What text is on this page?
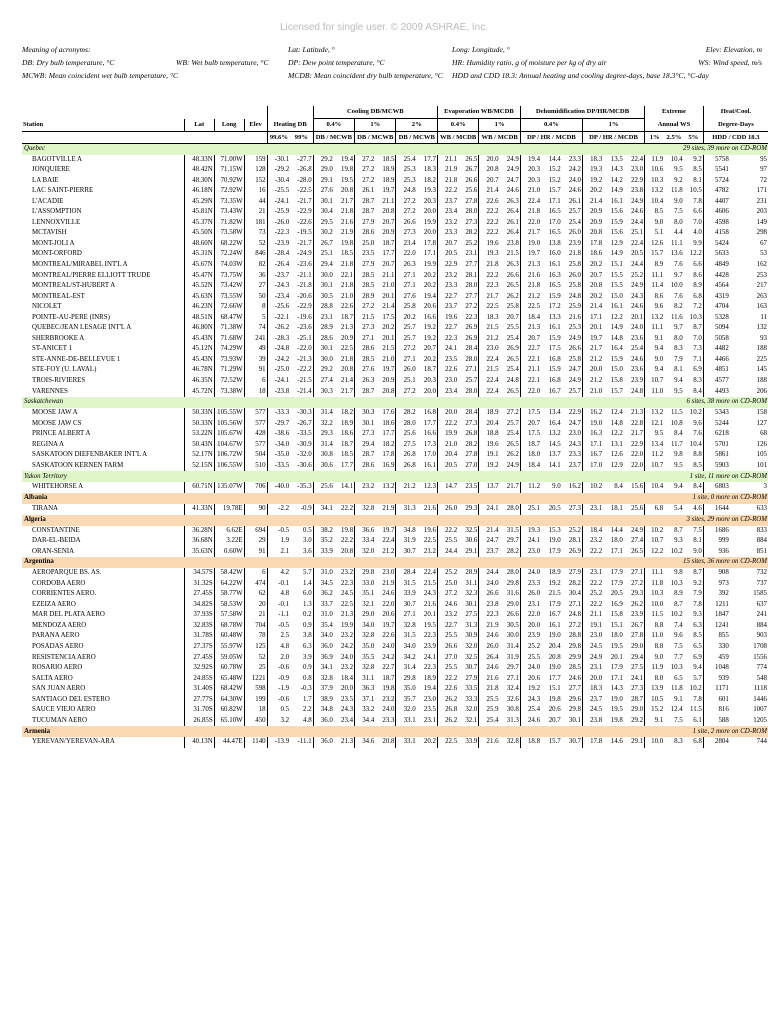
Licensed for single user. © 2009 ASHRAE, Inc.
Meaning of acronyms:
DB: Dry bulb temperature, °C	WB: Wet bulb temperature, °C
MCWB: Mean coincident wet bulb temperature, °C
Lat: Latitude, °
DP: Dew point temperature, °C
MCDB: Mean coincident dry bulb temperature, °C
Long: Longitude, °
HR: Humidity ratio, g of moisture per kg of dry air
HDD and CDD 18.3: Annual heating and cooling degree-days, base 18.3°C, °C-day
Elev: Elevation, m
WS: Wind speed, m/s
						Cooling DB/MCWB						Evaporation WB/MCDB				Dehumidification DP/HR/MCDB						Extreme			Heat/Cool.	
Station	Lat	Long	Elev	Heating DB		0.4%		1%		2%		0.4%		1%		0.4%			1%			Annual WS			Degree-Days	
				99.6%	99%	DB / MCWB		DB / MCWB		DB / MCWB		WB / MCDB		WB / MCDB		DP / HR / MCDB			DP / HR / MCDB			1%	2.5%	5%	HDD / CDD 18.3	
Quebec				29 sites, 39 more on CD-ROM																						
BAGOTVILLE A	48.33N	71.00W	159	-30.1	-27.7	29.2	19.4	27.2	18.5	25.4	17.7	21.1	26.5	20.0	24.9	19.4	14.4	23.3	18.3	13.5	22.4	11.9	10.4	9.2	5758	95
JONQUIERE	48.42N	71.15W	128	-29.2	-26.8	29.0	19.8	27.2	18.9	25.3	18.3	21.9	26.7	20.8	24.9	20.3	15.2	24.2	19.3	14.3	23.0	10.6	9.5	8.5	5541	97
LA BAIE	48.30N	70.92W	152	-30.4	-28.0	29.1	19.5	27.2	18.9	25.3	18.2	21.8	26.6	20.7	24.7	20.3	15.2	24.0	19.2	14.2	22.9	10.3	9.2	8.1	5724	72
LAC SAINT-PIERRE	46.18N	72.92W	16	-25.5	-22.5	27.6	20.8	26.1	19.7	24.8	19.3	22.2	25.6	21.4	24.6	21.0	15.7	24.6	20.2	14.9	23.8	13.2	11.8	10.5	4782	171
L'ACADIE	45.29N	73.35W	44	-24.1	-21.7	30.1	21.7	28.7	21.1	27.2	20.3	23.7	27.8	22.6	26.3	22.4	17.1	26.1	21.4	16.1	24.9	10.4	9.0	7.8	4407	231
L'ASSOMPTION	45.81N	73.43W	21	-25.9	-22.9	30.4	21.8	28.7	20.8	27.2	20.0	23.4	28.0	22.2	26.4	21.8	16.5	25.7	20.9	15.6	24.6	8.5	7.5	6.6	4606	203
LENNOXVILLE	45.37N	71.82W	181	-26.0	-22.6	29.5	21.6	27.9	20.7	26.6	19.9	23.2	27.3	22.2	26.1	22.0	17.0	25.4	20.9	15.9	24.4	9.0	8.0	7.0	4598	149
MCTAVISH	45.50N	73.58W	73	-22.3	-19.5	30.2	21.9	28.6	20.9	27.3	20.0	23.3	28.2	22.2	26.4	21.7	16.5	26.0	20.8	15.6	25.1	5.1	4.4	4.0	4158	298
MONT-JOLI A	48.60N	68.22W	52	-23.9	-21.7	26.7	19.8	25.0	18.7	23.4	17.8	20.7	25.2	19.6	23.8	19.0	13.8	23.9	17.8	12.9	22.4	12.6	11.1	9.9	5424	67
MONT-ORFORD	45.31N	72.24W	846	-28.4	-24.9	25.1	18.5	23.5	17.7	22.0	17.1	20.5	23.1	19.3	21.5	19.7	16.0	21.8	18.6	14.9	20.5	15.7	13.6	12.2	5633	53
MONTREAL/MIRABEL INT'L A	45.67N	74.03W	82	-26.4	-23.6	29.4	21.8	27.9	20.7	26.3	19.9	22.9	27.7	21.8	26.3	21.3	16.1	25.8	20.2	15.1	24.4	8.9	7.6	6.6	4849	162
MONTREAL/PIERRE ELLIOTT TRUDE	45.47N	73.75W	36	-23.7	-21.1	30.0	22.1	28.5	21.1	27.1	20.2	23.2	28.1	22.2	26.6	21.6	16.3	26.0	20.7	15.5	25.2	11.1	9.7	8.6	4428	253
MONTREAL/ST-HUBERT A	45.52N	73.42W	27	-24.3	-21.8	30.1	21.8	28.5	21.0	27.1	20.2	23.3	28.0	22.3	26.5	21.8	16.5	25.8	20.8	15.5	24.9	11.4	10.0	8.9	4564	217
MONTREAL-EST	45.63N	73.55W	50	-23.4	-20.6	30.5	21.0	28.9	20.1	27.6	19.4	22.7	27.7	21.7	26.2	21.2	15.9	24.8	20.2	15.0	24.3	8.6	7.6	6.8	4319	263
NICOLET	46.23N	72.66W	8	-25.6	-22.9	28.8	22.6	27.2	21.4	25.8	20.6	23.7	27.2	22.5	25.8	22.5	17.2	25.9	21.4	16.1	24.6	9.6	8.2	7.2	4704	163
POINTE-AU-PERE (INRS)	48.51N	68.47W	5	-22.1	-19.6	23.1	18.7	21.5	17.5	20.2	16.6	19.6	22.3	18.3	20.7	18.4	13.3	21.6	17.1	12.2	20.1	13.2	11.6	10.3	5328	11
QUEBEC/JEAN LESAGE INT'L A	46.80N	71.38W	74	-26.2	-23.6	28.9	21.3	27.3	20.2	25.7	19.2	22.7	26.9	21.5	25.5	21.3	16.1	25.3	20.1	14.9	24.0	11.1	9.7	8.7	5094	132
SHERBROOKE A	45.43N	71.68W	241	-28.3	-25.1	28.6	20.9	27.1	20.1	25.7	19.2	22.3	26.9	21.2	25.4	20.7	15.9	24.9	19.7	14.8	23.6	9.1	8.0	7.0	5058	93
ST-ANICET 1	45.12N	74.29W	49	-24.8	-22.0	30.1	22.5	28.6	21.5	27.2	20.7	24.1	28.4	23.0	26.9	22.7	17.5	26.6	21.7	16.4	25.4	9.4	8.3	7.3	4482	188
STE-ANNE-DE-BELLEVUE 1	45.43N	73.93W	39	-24.2	-21.3	30.0	21.8	28.5	21.0	27.1	20.2	23.5	28.0	22.4	26.5	22.1	16.8	25.8	21.2	15.9	24.6	9.0	7.9	7.1	4466	225
STE-FOY (U. LAVAL)	46.78N	71.29W	91	-25.0	-22.2	29.2	20.8	27.6	19.7	26.0	18.7	22.6	27.1	21.5	25.4	21.1	15.9	24.7	20.0	15.0	23.6	9.4	8.1	6.9	4851	145
TROIS-RIVIERES	46.35N	72.52W	6	-24.1	-21.5	27.4	21.4	26.3	20.9	25.1	20.3	23.0	25.7	22.4	24.8	22.1	16.8	24.9	21.2	15.8	23.9	10.7	9.4	8.3	4577	188
VARENNES	45.72N	73.38W	18	-23.8	-21.4	30.3	21.7	28.7	20.8	27.2	20.0	23.4	28.0	22.4	26.5	22.0	16.7	25.7	21.0	15.7	24.8	11.0	9.5	8.4	4493	206
Saskatchewan				6 sites, 38 more on CD-ROM																						
MOOSE JAW A	50.33N	105.55W	577	-33.3	-30.3	31.4	18.2	30.3	17.6	28.2	16.8	20.0	28.4	18.9	27.2	17.5	13.4	22.9	16.2	12.4	21.3	13.2	11.5	10.2	5343	158
MOOSE JAW CS	50.33N	105.56W	577	-29.7	-26.7	32.2	18.9	30.1	18.6	28.0	17.7	22.2	27.3	20.4	25.7	20.7	16.4	24.7	19.0	14.8	22.8	12.1	10.8	9.6	5244	127
PRINCE ALBERT A	53.22N	105.67W	428	-38.6	-33.5	29.3	18.6	27.3	17.7	25.6	16.6	19.9	26.8	18.8	25.4	17.5	13.2	23.0	16.3	12.2	21.7	9.5	8.4	7.6	6218	68
REGINA A	50.43N	104.67W	577	-34.0	-30.9	31.4	18.7	29.4	18.2	27.5	17.3	21.0	28.2	19.6	26.5	18.7	14.5	24.3	17.1	13.1	22.9	13.4	11.7	10.4	5701	126
SASKATOON DIEFENBAKER INT'L A	52.17N	106.72W	504	-35.0	-32.0	30.8	18.5	28.7	17.8	26.8	17.0	20.4	27.8	19.1	26.2	18.0	13.7	23.3	16.7	12.6	22.0	11.2	9.8	8.8	5861	105
SASKATOON KERNEN FARM	52.15N	106.55W	510	-33.5	-30.6	30.6	17.7	28.6	16.9	26.8	16.1	20.5	27.0	19.2	24.9	18.4	14.1	23.7	17.0	12.9	22.0	10.7	9.5	8.5	5903	101
Yukon Territory				1 site, 11 more on CD-ROM																						
WHITEHORSE A	60.71N	135.07W	706	-40.0	-35.3	25.6	14.1	23.2	13.2	21.2	12.3	14.7	23.5	13.7	21.7	11.2	9.0	16.2	10.2	8.4	15.6	10.4	9.4	8.4	6803	3
Albania				1 site, 0 more on CD-ROM																						
TIRANA	41.33N	19.78E	90	-2.2	-0.9	34.1	22.2	32.8	21.9	31.3	21.6	26.0	29.3	24.1	28.0	25.1	20.5	27.3	23.1	18.1	25.6	6.8	5.4	4.6	1644	633
Algeria				3 sites, 29 more on CD-ROM																						
CONSTANTINE	36.28N	6.62E	694	-0.5	0.5	38.2	19.8	36.6	19.7	34.8	19.6	22.2	32.5	21.4	31.5	19.3	15.3	25.2	18.4	14.4	24.9	10.2	8.7	7.5	1686	833
DAR-EL-BEIDA	36.68N	3.22E	29	1.9	3.0	35.2	22.2	33.4	22.4	31.9	22.5	25.5	30.6	24.7	29.7	24.1	19.0	28.1	23.2	18.0	27.4	10.7	9.3	8.1	999	884
ORAN-SENIA	35.63N	0.60W	91	2.1	3.6	33.9	20.8	32.0	21.2	30.7	21.2	24.4	29.1	23.7	28.2	23.0	17.9	26.9	22.2	17.1	26.5	12.2	10.2	9.0	936	851
Argentina				15 sites, 36 more on CD-ROM																						
AEROPARQUE BS. AS.	34.57S	58.42W	6	4.2	5.7	31.0	23.2	29.8	23.0	28.4	22.4	25.2	28.9	24.4	28.0	24.0	18.9	27.9	23.1	17.9	27.1	11.1	9.8	8.7	908	732
CORDOBA AERO	31.32S	64.22W	474	-0.1	1.4	34.5	22.3	33.0	21.9	31.5	21.5	25.0	31.1	24.0	29.8	23.3	19.2	28.2	22.2	17.9	27.2	11.8	10.3	9.2	973	737
CORRIENTES AERO.	27.45S	58.77W	62	4.8	6.0	36.2	24.5	35.1	24.6	33.9	24.3	27.2	32.3	26.6	31.6	26.0	21.5	30.4	25.2	20.5	29.3	10.3	8.9	7.9	392	1585
EZEIZA AERO	34.82S	58.53W	20	-0.1	1.3	33.7	22.5	32.1	22.0	30.7	21.6	24.6	30.1	23.8	29.0	23.1	17.9	27.1	22.2	16.9	26.2	10.0	8.7	7.8	1211	637
MAR DEL PLATA AERO	37.93S	57.58W	21	-1.1	0.2	31.0	21.3	29.0	20.6	27.1	20.1	23.2	27.5	22.3	26.6	22.0	16.7	24.8	21.1	15.8	23.9	11.5	10.2	9.3	1847	241
MENDOZA AERO	32.83S	68.78W	704	-0.5	0.9	35.4	19.9	34.0	19.7	32.8	19.5	22.7	31.3	21.9	30.5	20.0	16.1	27.2	19.1	15.1	26.7	8.8	7.4	6.3	1241	884
PARANA AERO	31.78S	60.48W	78	2.5	3.8	34.0	23.2	32.8	22.6	31.5	22.3	25.5	30.9	24.6	30.0	23.9	19.0	28.8	23.0	18.0	27.8	11.0	9.6	8.5	855	903
POSADAS AERO	27.37S	55.97W	125	4.8	6.3	36.0	24.2	35.0	24.0	34.0	23.9	26.6	32.0	26.0	31.4	25.2	20.4	29.8	24.5	19.5	29.0	8.8	7.5	6.5	330	1708
RESISTENCIA AERO	27.45S	59.05W	52	2.0	3.9	36.9	24.0	35.5	24.2	34.2	24.1	27.0	32.5	26.4	31.9	25.5	20.8	29.9	24.9	20.1	29.4	9.0	7.7	6.9	459	1556
ROSARIO AERO	32.92S	60.78W	25	-0.6	0.9	34.1	23.2	32.8	22.7	31.4	22.3	25.5	30.7	24.6	29.7	24.0	19.0	28.5	23.1	17.9	27.5	11.9	10.3	9.4	1048	774
SALTA AERO	24.85S	65.48W	1221	-0.9	0.8	32.8	18.4	31.1	18.7	29.8	18.9	22.2	27.9	21.6	27.1	20.6	17.7	24.6	20.0	17.1	24.1	8.0	6.5	5.7	939	548
SAN JUAN AERO	31.40S	68.42W	598	-1.9	-0.3	37.9	20.0	36.3	19.8	35.0	19.4	22.6	33.5	21.8	32.4	19.2	15.1	27.7	18.3	14.3	27.3	13.9	11.8	10.2	1171	1118
SANTIAGO DEL ESTERO	27.77S	64.30W	199	-0.6	1.7	38.9	23.5	37.1	23.2	35.7	23.0	26.2	33.3	25.5	32.6	24.3	19.8	29.6	23.7	19.0	28.7	10.5	9.1	7.8	601	1446
SAUCE VIEJO AERO	31.70S	60.82W	18	0.5	2.2	34.8	24.3	33.2	24.0	32.0	23.5	26.8	32.0	25.9	30.8	25.4	20.6	29.8	24.5	19.5	29.0	15.2	12.4	11.5	816	1007
TUCUMAN AERO	26.85S	65.10W	450	3.2	4.8	36.0	23.4	34.4	23.3	33.1	23.1	26.2	32.1	25.4	31.3	24.6	20.7	30.1	23.8	19.8	29.2	9.1	7.5	6.1	588	1205
Armenia				1 site, 2 more on CD-ROM																						
YEREVAN/YEREVAN-ARA	40.13N	44.47E	1140	-13.9	-11.1	36.0	21.3	34.6	20.8	33.1	20.2	22.5	33.9	21.6	32.8	18.8	15.7	30.7	17.8	14.6	29.1	10.0	8.3	6.8	2804	744
